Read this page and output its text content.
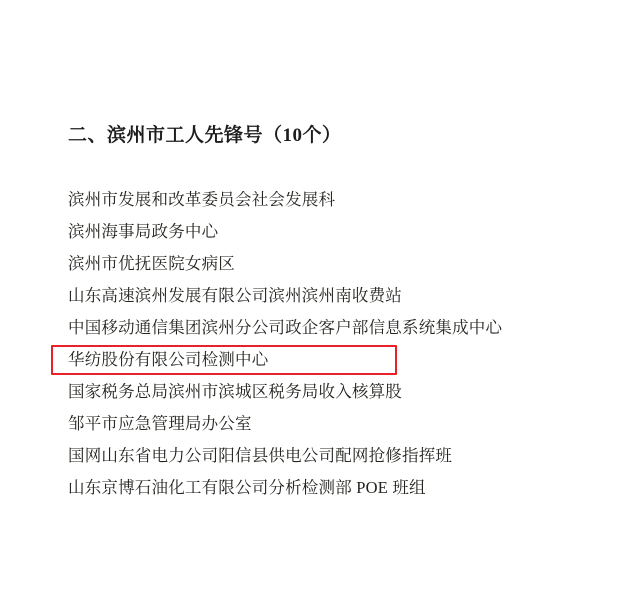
二、滨州市工人先锋号（10个）
滨州市发展和改革委员会社会发展科
滨州海事局政务中心
滨州市优抚医院女病区
山东高速滨州发展有限公司滨州滨州南收费站
中国移动通信集团滨州分公司政企客户部信息系统集成中心
华纺股份有限公司检测中心
国家税务总局滨州市滨城区税务局收入核算股
邹平市应急管理局办公室
国网山东省电力公司阳信县供电公司配网抢修指挥班
山东京博石油化工有限公司分析检测部 POE 班组
